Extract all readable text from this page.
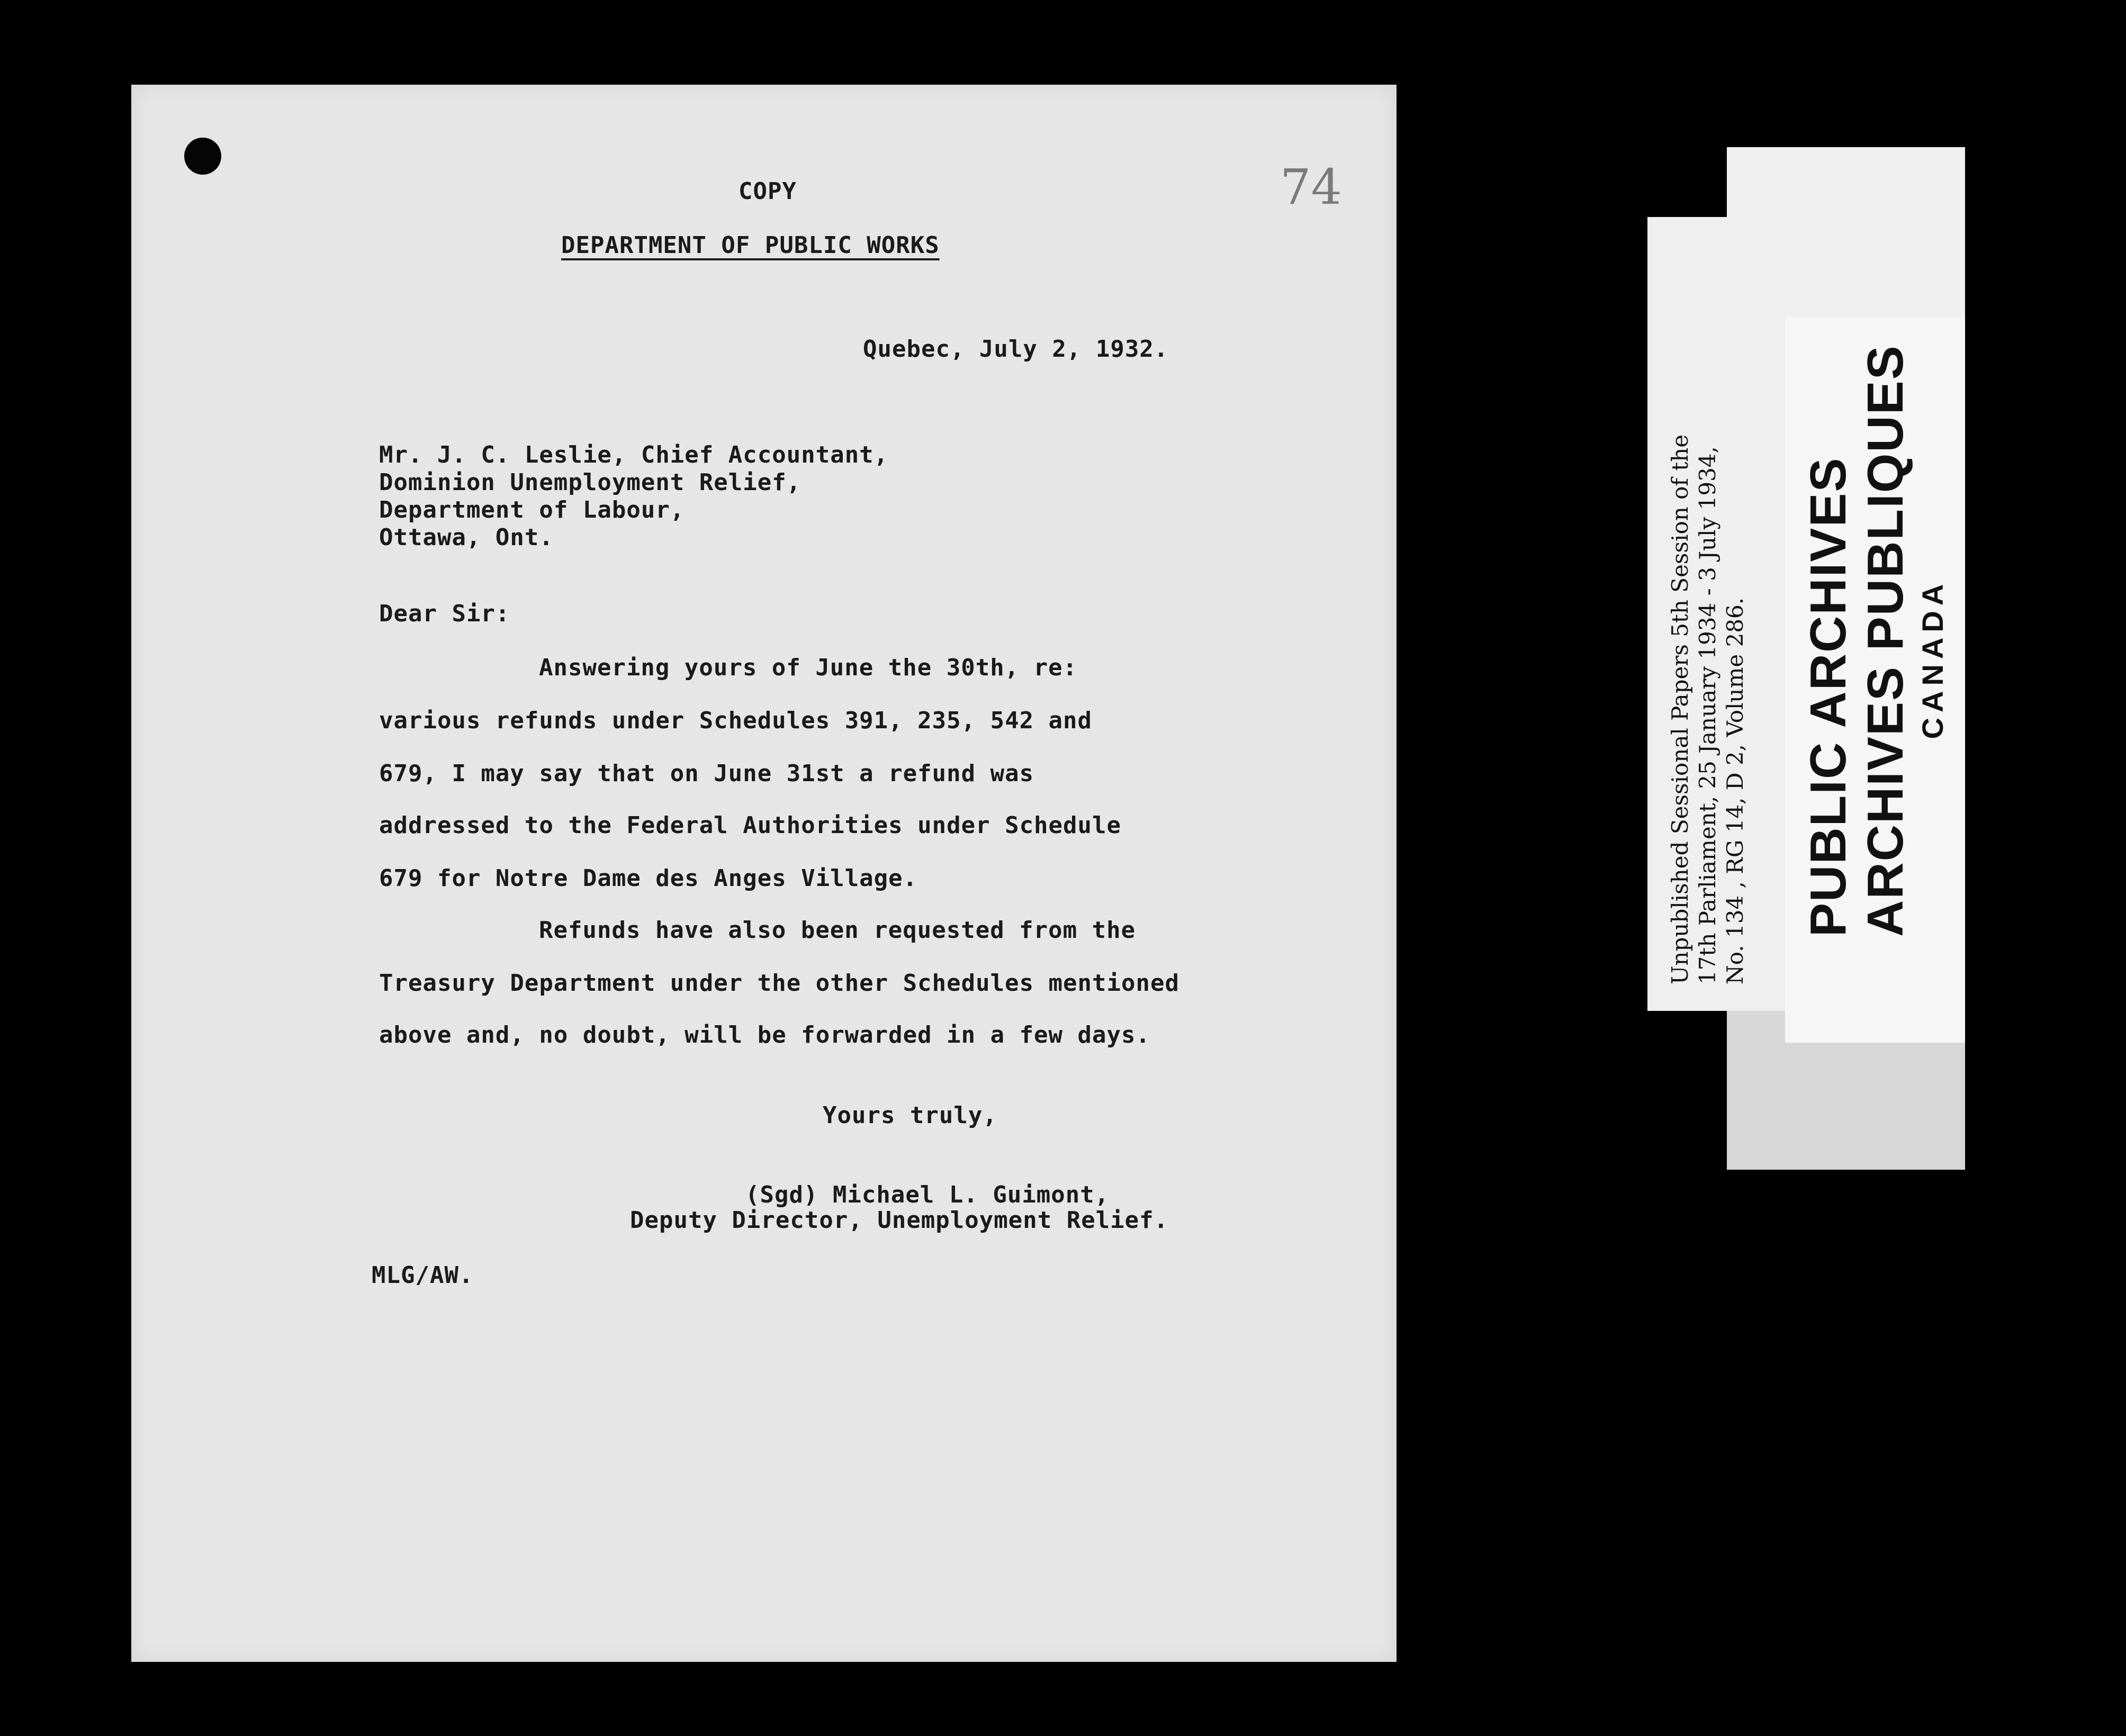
74

COPY

DEPARTMENT OF PUBLIC WORKS

Quebec, July 2, 1932.

Mr. J. C. Leslie, Chief Accountant,

Dominion Unemployment Relief,

Department of Labour,

Ottawa, Ont.

Dear Sir:

Answering yours of June the 30th, re:

various refunds under Schedules 391, 235, 542 and

679, I may say that on June 31st a refund was

addressed to the Federal Authorities under Schedule

679 for Notre Dame des Anges Village.

Refunds have also been requested from the

Treasury Department under the other Schedules mentioned

above and, no doubt, will be forwarded in a few days.

Yours truly,

(Sgd) Michael L. Guimont,

Deputy Director, Unemployment Relief.

MLG/AW.

Unpublished Sessional Papers 5th Session of the 17th Parliament, 25 January 1934 - 3 July 1934, No. 134 , RG 14, D 2, Volume 286. PUBLIC ARCHIVES ARCHIVES PUBLIQUES CANADA
